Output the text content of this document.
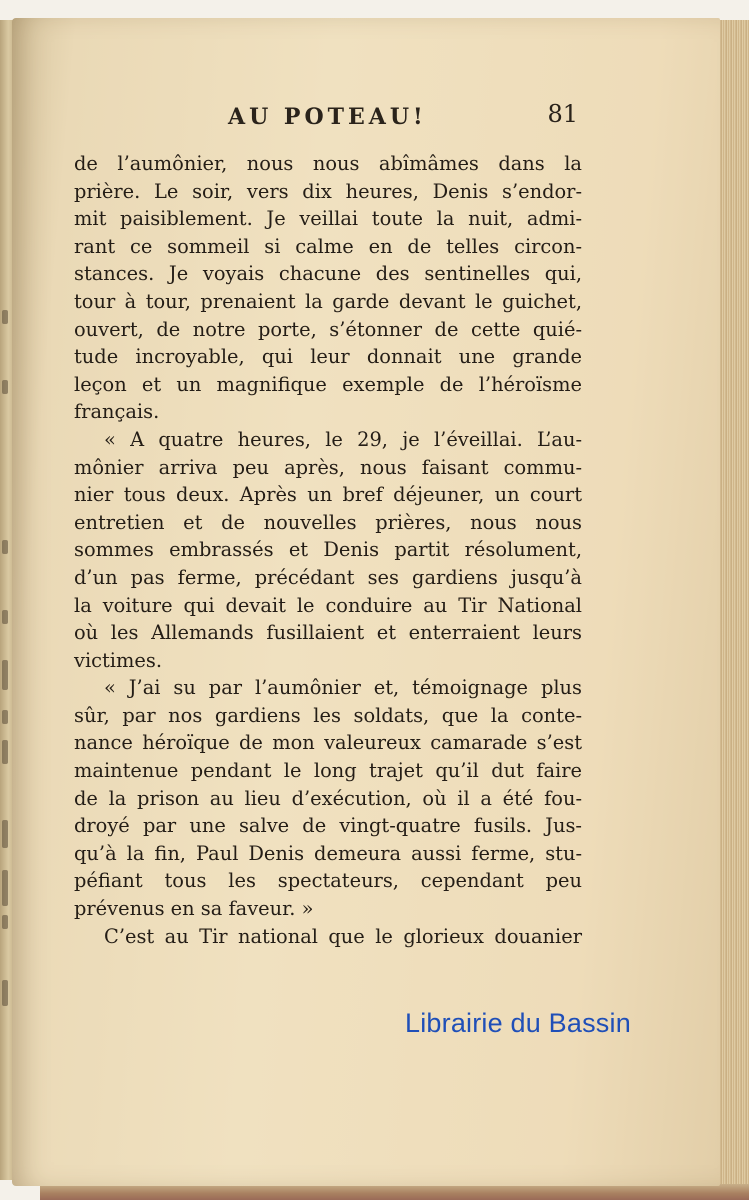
AU POTEAU!	81
de l’aumônier, nous nous abîmâmes dans la
prière. Le soir, vers dix heures, Denis s’endor-
mit paisiblement. Je veillai toute la nuit, admi-
rant ce sommeil si calme en de telles circon-
stances. Je voyais chacune des sentinelles qui,
tour à tour, prenaient la garde devant le guichet,
ouvert, de notre porte, s’étonner de cette quié-
tude incroyable, qui leur donnait une grande
leçon et un magnifique exemple de l’héroïsme
français.
« A quatre heures, le 29, je l’éveillai. L’au-
mônier arriva peu après, nous faisant commu-
nier tous deux. Après un bref déjeuner, un court
entretien et de nouvelles prières, nous nous
sommes embrassés et Denis partit résolument,
d’un pas ferme, précédant ses gardiens jusqu’à
la voiture qui devait le conduire au Tir National
où les Allemands fusillaient et enterraient leurs
victimes.
« J’ai su par l’aumônier et, témoignage plus
sûr, par nos gardiens les soldats, que la conte-
nance héroïque de mon valeureux camarade s’est
maintenue pendant le long trajet qu’il dut faire
de la prison au lieu d’exécution, où il a été fou-
droyé par une salve de vingt-quatre fusils. Jus-
qu’à la fin, Paul Denis demeura aussi ferme, stu-
péfiant tous les spectateurs, cependant peu
prévenus en sa faveur. »
C’est au Tir national que le glorieux douanier
Librairie du Bassin
